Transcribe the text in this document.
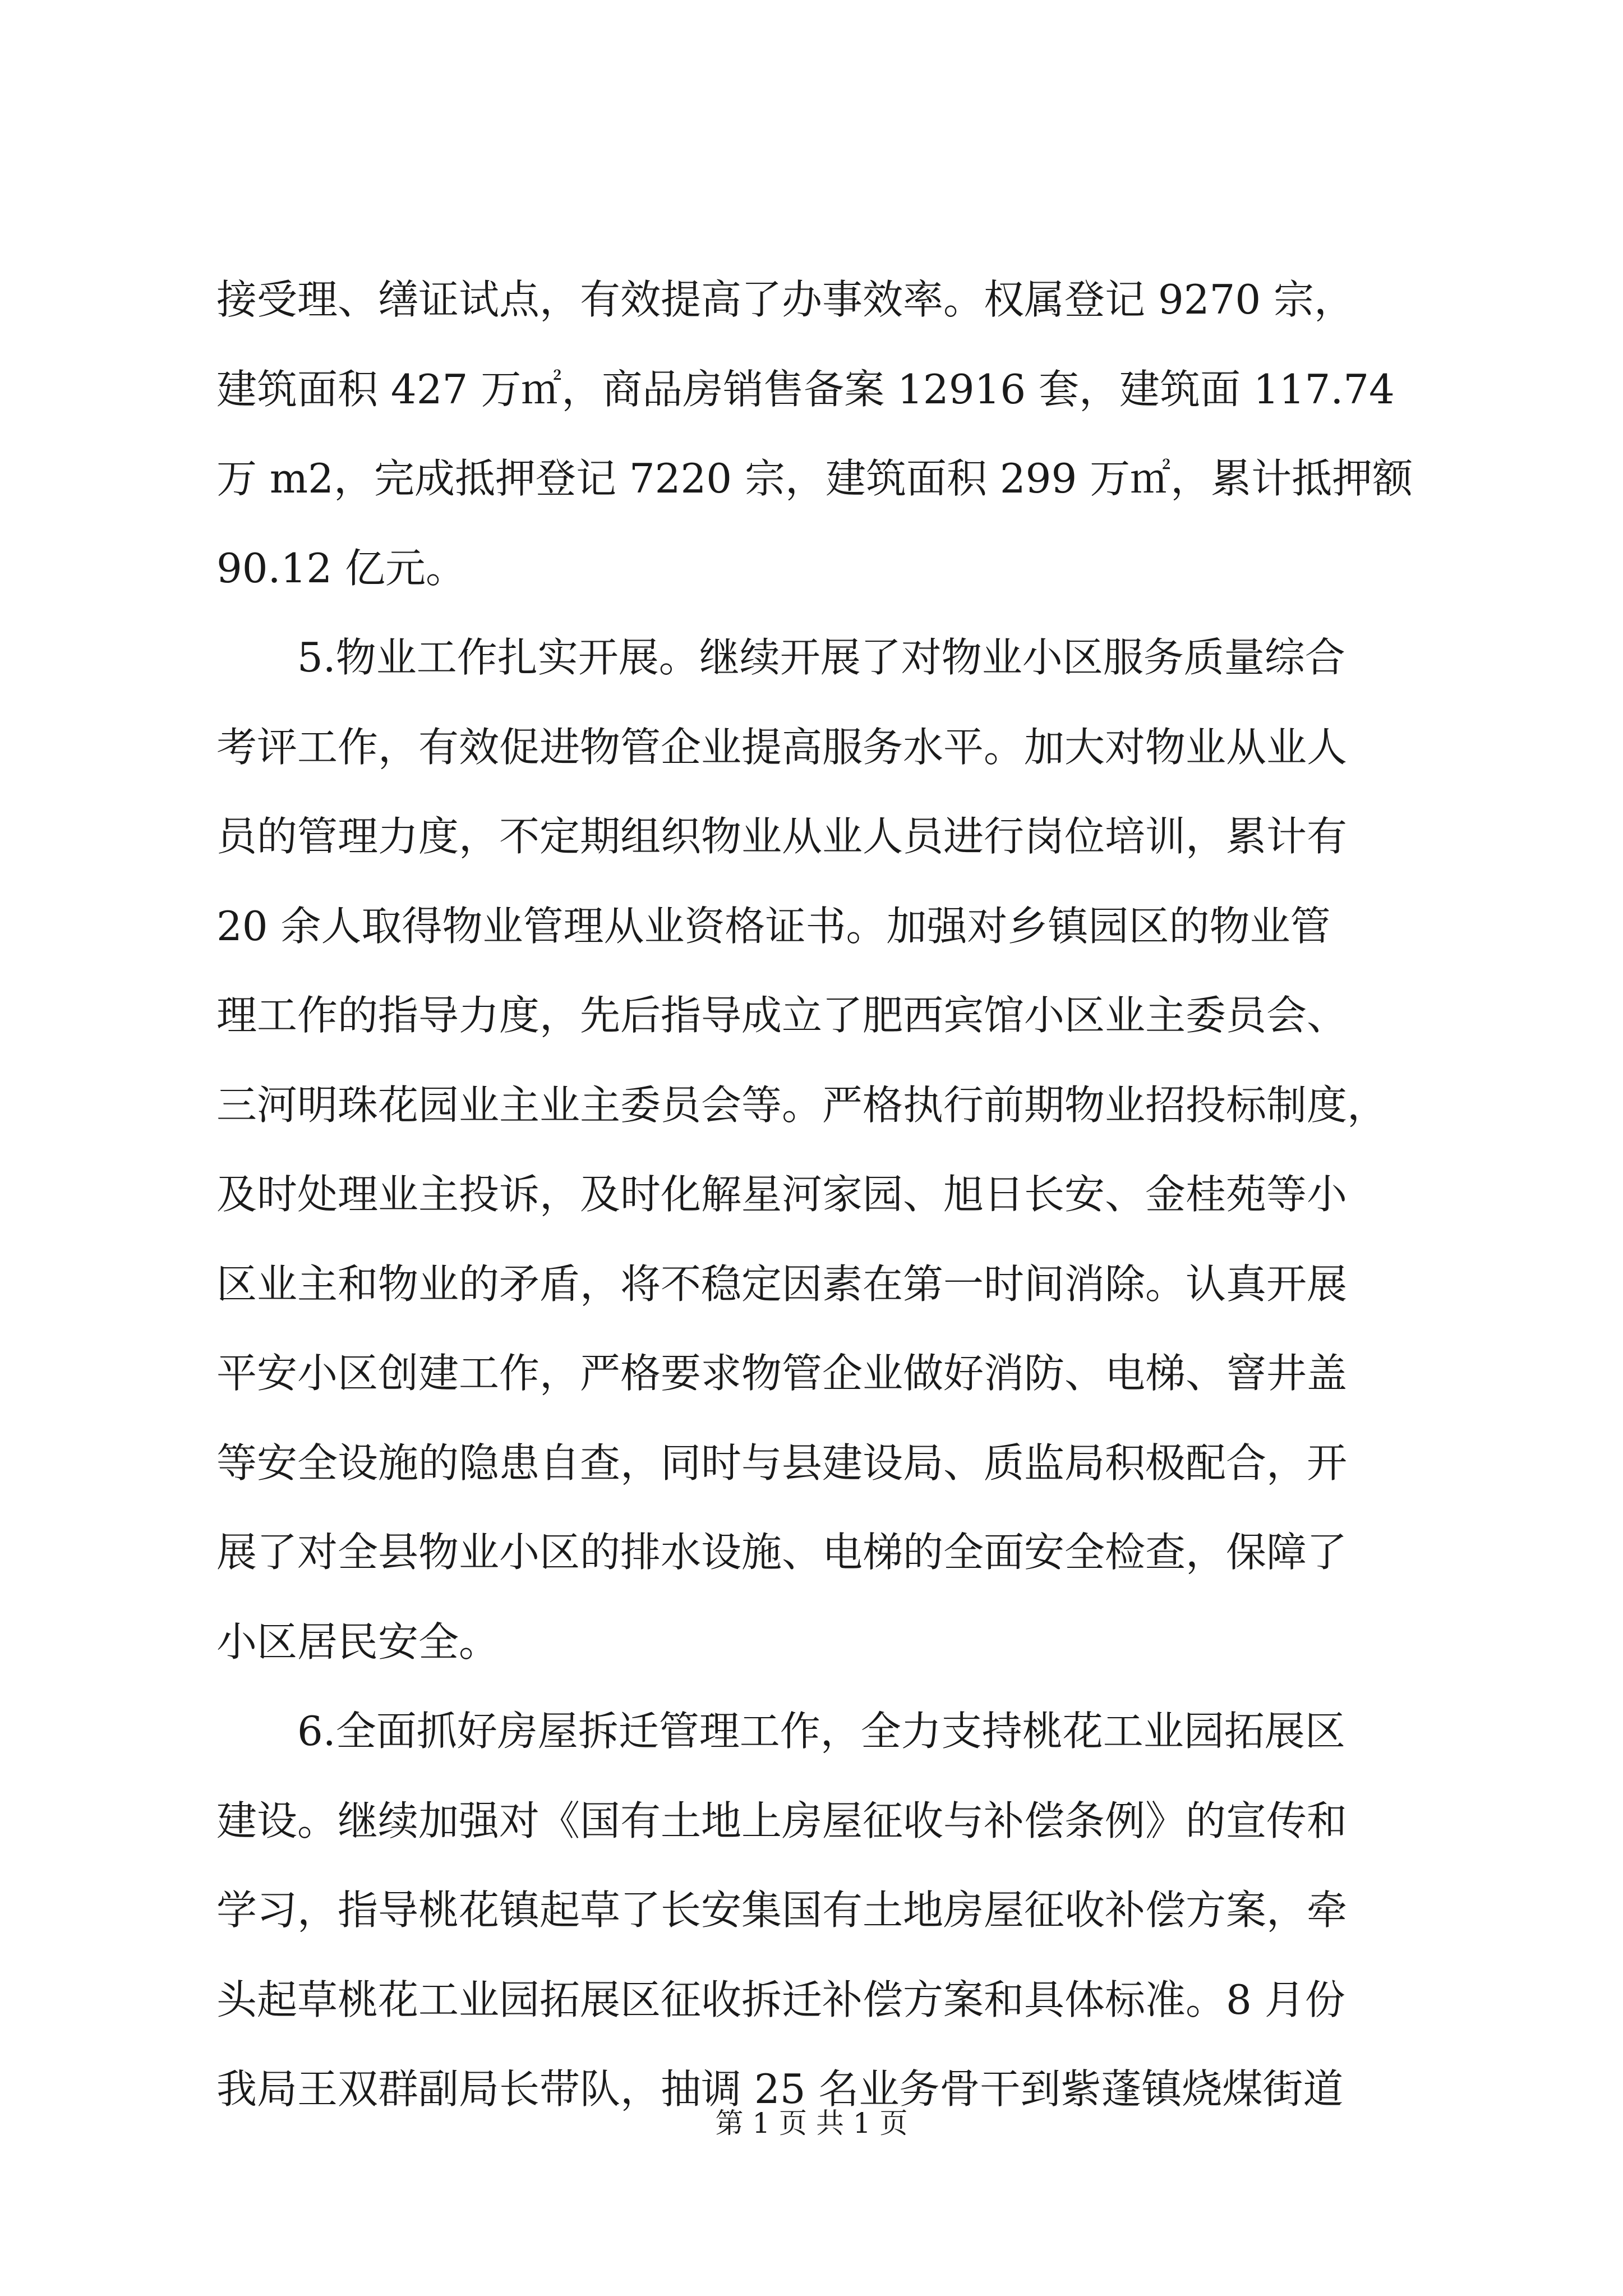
接受理、缮证试点，有效提高了办事效率。权属登记 9270 宗，
建筑面积 427 万㎡，商品房销售备案 12916 套，建筑面 117.74
万 m2，完成抵押登记 7220 宗，建筑面积 299 万㎡，累计抵押额
90.12 亿元。
5.物业工作扎实开展。继续开展了对物业小区服务质量综合
考评工作，有效促进物管企业提高服务水平。加大对物业从业人
员的管理力度，不定期组织物业从业人员进行岗位培训，累计有
20 余人取得物业管理从业资格证书。加强对乡镇园区的物业管
理工作的指导力度，先后指导成立了肥西宾馆小区业主委员会、
三河明珠花园业主业主委员会等。严格执行前期物业招投标制度，
及时处理业主投诉，及时化解星河家园、旭日长安、金桂苑等小
区业主和物业的矛盾，将不稳定因素在第一时间消除。认真开展
平安小区创建工作，严格要求物管企业做好消防、电梯、窨井盖
等安全设施的隐患自查，同时与县建设局、质监局积极配合，开
展了对全县物业小区的排水设施、电梯的全面安全检查，保障了
小区居民安全。
6.全面抓好房屋拆迁管理工作，全力支持桃花工业园拓展区
建设。继续加强对《国有土地上房屋征收与补偿条例》的宣传和
学习，指导桃花镇起草了长安集国有土地房屋征收补偿方案，牵
头起草桃花工业园拓展区征收拆迁补偿方案和具体标准。8 月份
我局王双群副局长带队，抽调 25 名业务骨干到紫蓬镇烧煤街道
第 1 页 共 1 页
